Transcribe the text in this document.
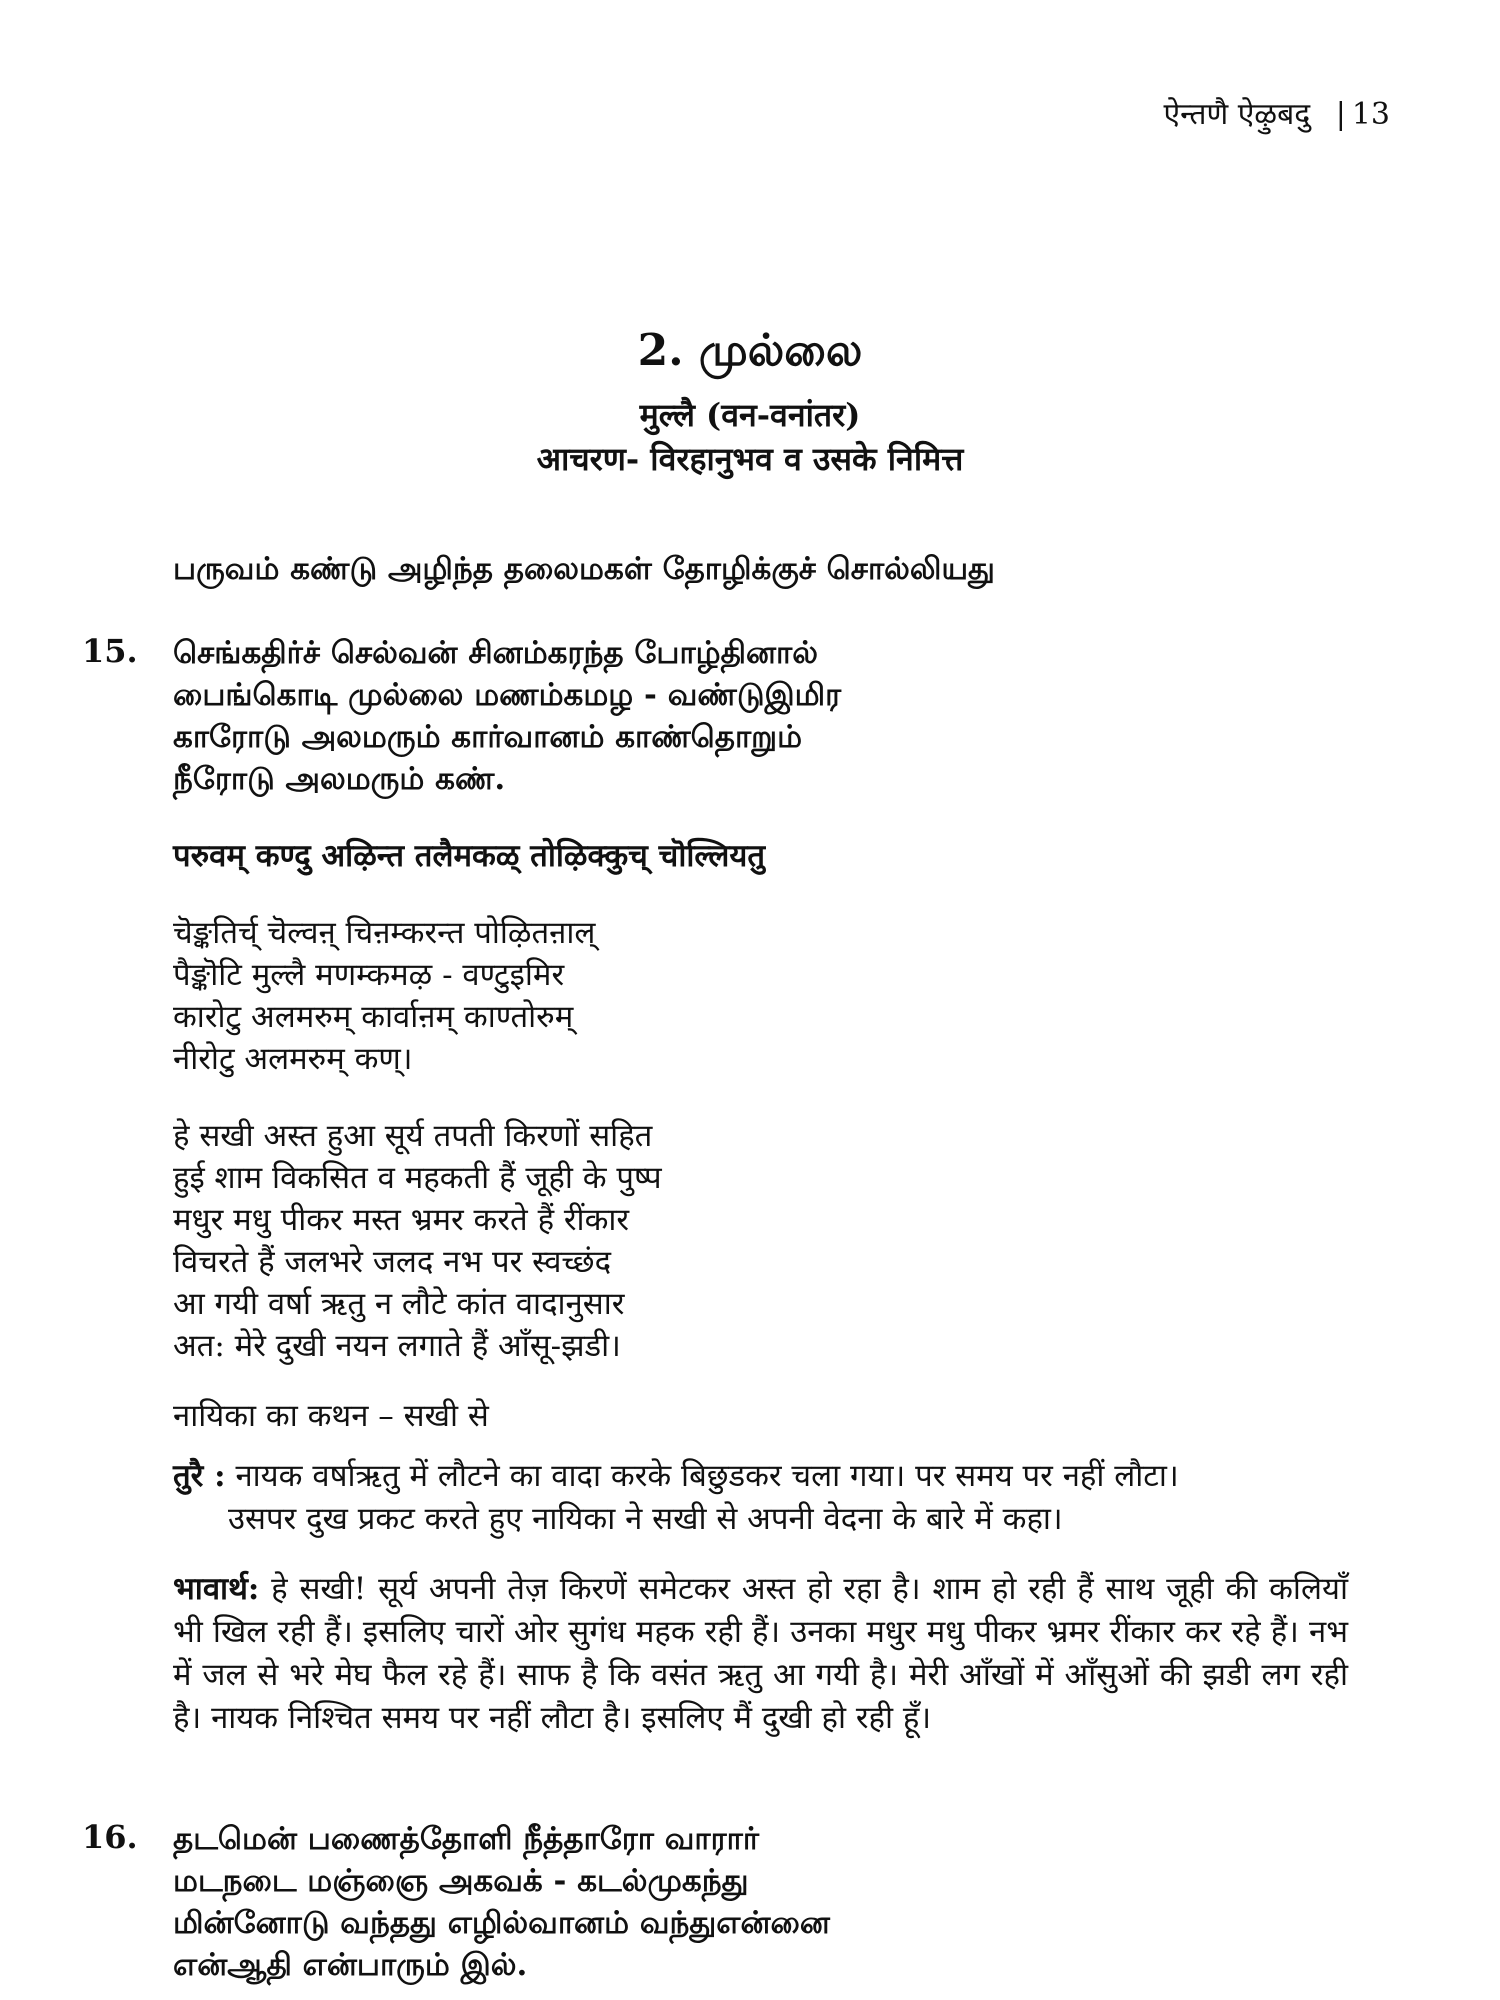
ऐन्तणै ऐऴुबदु | 13
2. முல்லை
मुल्लै (वन-वनांतर)
आचरण- विरहानुभव व उसके निमित्त
பருவம் கண்டு அழிந்த தலைமகள் தோழிக்குச் சொல்லியது
15. செங்கதிர்ச் செல்வன் சினம்கரந்த போழ்தினால்
பைங்கொடி முல்லை மணம்கமழ - வண்டுஇமிர
காரோடு அலமரும் கார்வானம் காண்தொறும்
நீரோடு அலமரும் கண்.
परुवम् कण्दु अऴिन्त तलैमकळ् तोऴिक्कुच् चॊल्लियतु
चॆङ्कतिर्च् चॆल्वऩ् चिऩम्करन्त पोऴितऩाल्
पैङ्कॊटि मुल्लै मणम्कमऴ - वण्टुइमिर
कारोटु अलमरुम् कार्वाऩम् काण्तोरुम्
नीरोटु अलमरुम् कण्।
हे सखी अस्त हुआ सूर्य तपती किरणों सहित
हुई शाम विकसित व महकती हैं जूही के पुष्प
मधुर मधु पीकर मस्त भ्रमर करते हैं रींकार
विचरते हैं जलभरे जलद नभ पर स्वच्छंद
आ गयी वर्षा ऋतु न लौटे कांत वादानुसार
अत: मेरे दुखी नयन लगाते हैं आँसू-झडी।
नायिका का कथन – सखी से
तुरै : नायक वर्षाऋतु में लौटने का वादा करके बिछुडकर चला गया। पर समय पर नहीं लौटा।
उसपर दुख प्रकट करते हुए नायिका ने सखी से अपनी वेदना के बारे में कहा।
भावार्थ: हे सखी! सूर्य अपनी तेज़ किरणें समेटकर अस्त हो रहा है। शाम हो रही हैं साथ जूही की कलियाँ भी खिल रही हैं। इसलिए चारों ओर सुगंध महक रही हैं। उनका मधुर मधु पीकर भ्रमर रींकार कर रहे हैं। नभ में जल से भरे मेघ फैल रहे हैं। साफ है कि वसंत ऋतु आ गयी है। मेरी आँखों में आँसुओं की झडी लग रही है। नायक निश्चित समय पर नहीं लौटा है। इसलिए मैं दुखी हो रही हूँ।
16. தடமென் பணைத்தோளி நீத்தாரோ வாரார்
மடநடை மஞ்ஞை அகவக் - கடல்முகந்து
மின்னோடு வந்தது எழில்வானம் வந்துஎன்னை
என்ஆதி என்பாரும் இல்.
